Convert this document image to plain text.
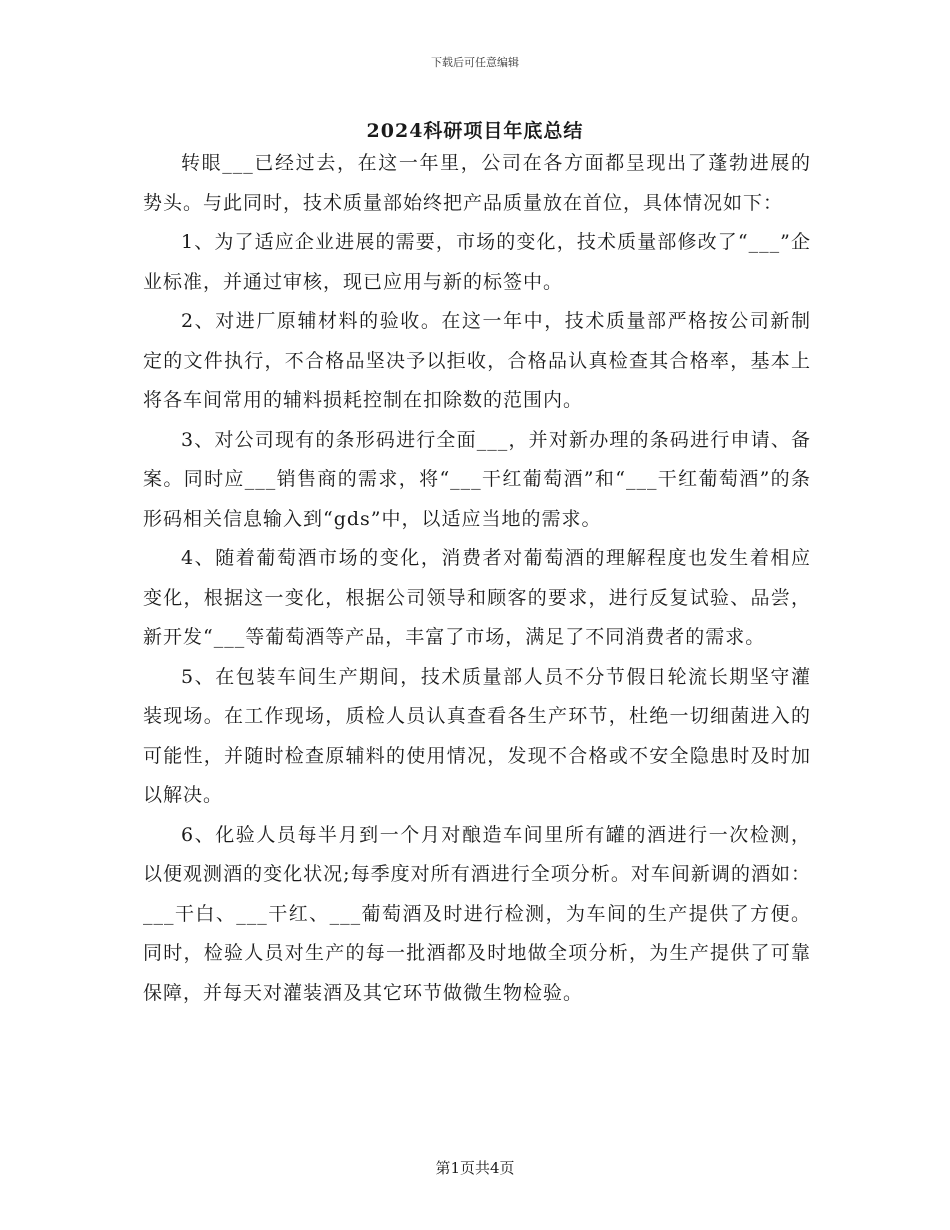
下载后可任意编辑
2024科研项目年底总结

转眼___已经过去，在这一年里，公司在各方面都呈现出了蓬勃进展的势头。与此同时，技术质量部始终把产品质量放在首位，具体情况如下：

1、为了适应企业进展的需要，市场的变化，技术质量部修改了“___”企业标准，并通过审核，现已应用与新的标签中。

2、对进厂原辅材料的验收。在这一年中，技术质量部严格按公司新制定的文件执行，不合格品坚决予以拒收，合格品认真检查其合格率，基本上将各车间常用的辅料损耗控制在扣除数的范围内。

3、对公司现有的条形码进行全面___，并对新办理的条码进行申请、备案。同时应___销售商的需求，将“___干红葡萄酒”和“___干红葡萄酒”的条形码相关信息输入到“gds”中，以适应当地的需求。

4、随着葡萄酒市场的变化，消费者对葡萄酒的理解程度也发生着相应变化，根据这一变化，根据公司领导和顾客的要求，进行反复试验、品尝，新开发“___等葡萄酒等产品，丰富了市场，满足了不同消费者的需求。

5、在包装车间生产期间，技术质量部人员不分节假日轮流长期坚守灌装现场。在工作现场，质检人员认真查看各生产环节，杜绝一切细菌进入的可能性，并随时检查原辅料的使用情况，发现不合格或不安全隐患时及时加以解决。

6、化验人员每半月到一个月对酿造车间里所有罐的酒进行一次检测，以便观测酒的变化状况;每季度对所有酒进行全项分析。对车间新调的酒如：___干白、___干红、___葡萄酒及时进行检测，为车间的生产提供了方便。同时，检验人员对生产的每一批酒都及时地做全项分析，为生产提供了可靠保障，并每天对灌装酒及其它环节做微生物检验。

第1页共4页
